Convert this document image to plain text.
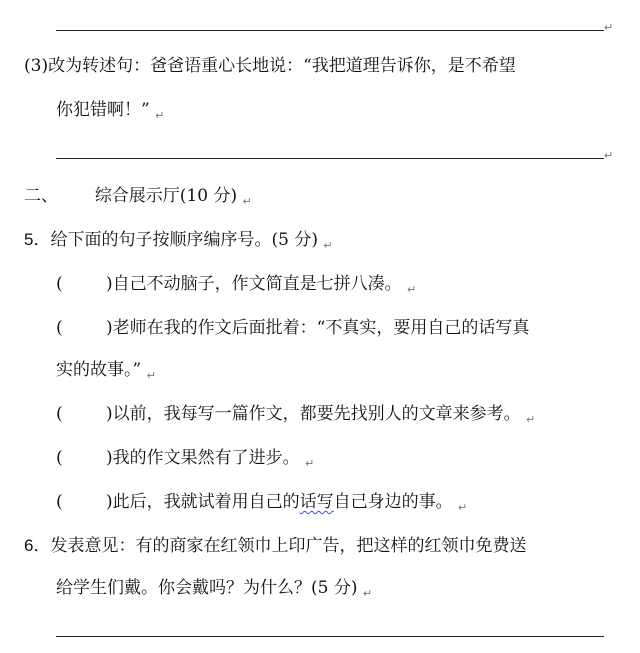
↵
(3)改为转述句：爸爸语重心长地说：“我把道理告诉你，是不希望
你犯错啊！” $_↵$
↵
二、 综合展示厅(10 分) $_↵$
5．给下面的句子按顺序编序号。(5 分) $_↵$
(	)自己不动脑子，作文简直是七拼八凑。 $_↵$
(	)老师在我的作文后面批着：“不真实，要用自己的话写真
实的故事。” $_↵$
(	)以前，我每写一篇作文，都要先找别人的文章来参考。 $_↵$
(	)我的作文果然有了进步。 $_↵$
(	)此后，我就试着用自己的话写自己身边的事。 $_↵$
6．发表意见：有的商家在红领巾上印广告，把这样的红领巾免费送
给学生们戴。你会戴吗？为什么？(5 分) $_↵$
